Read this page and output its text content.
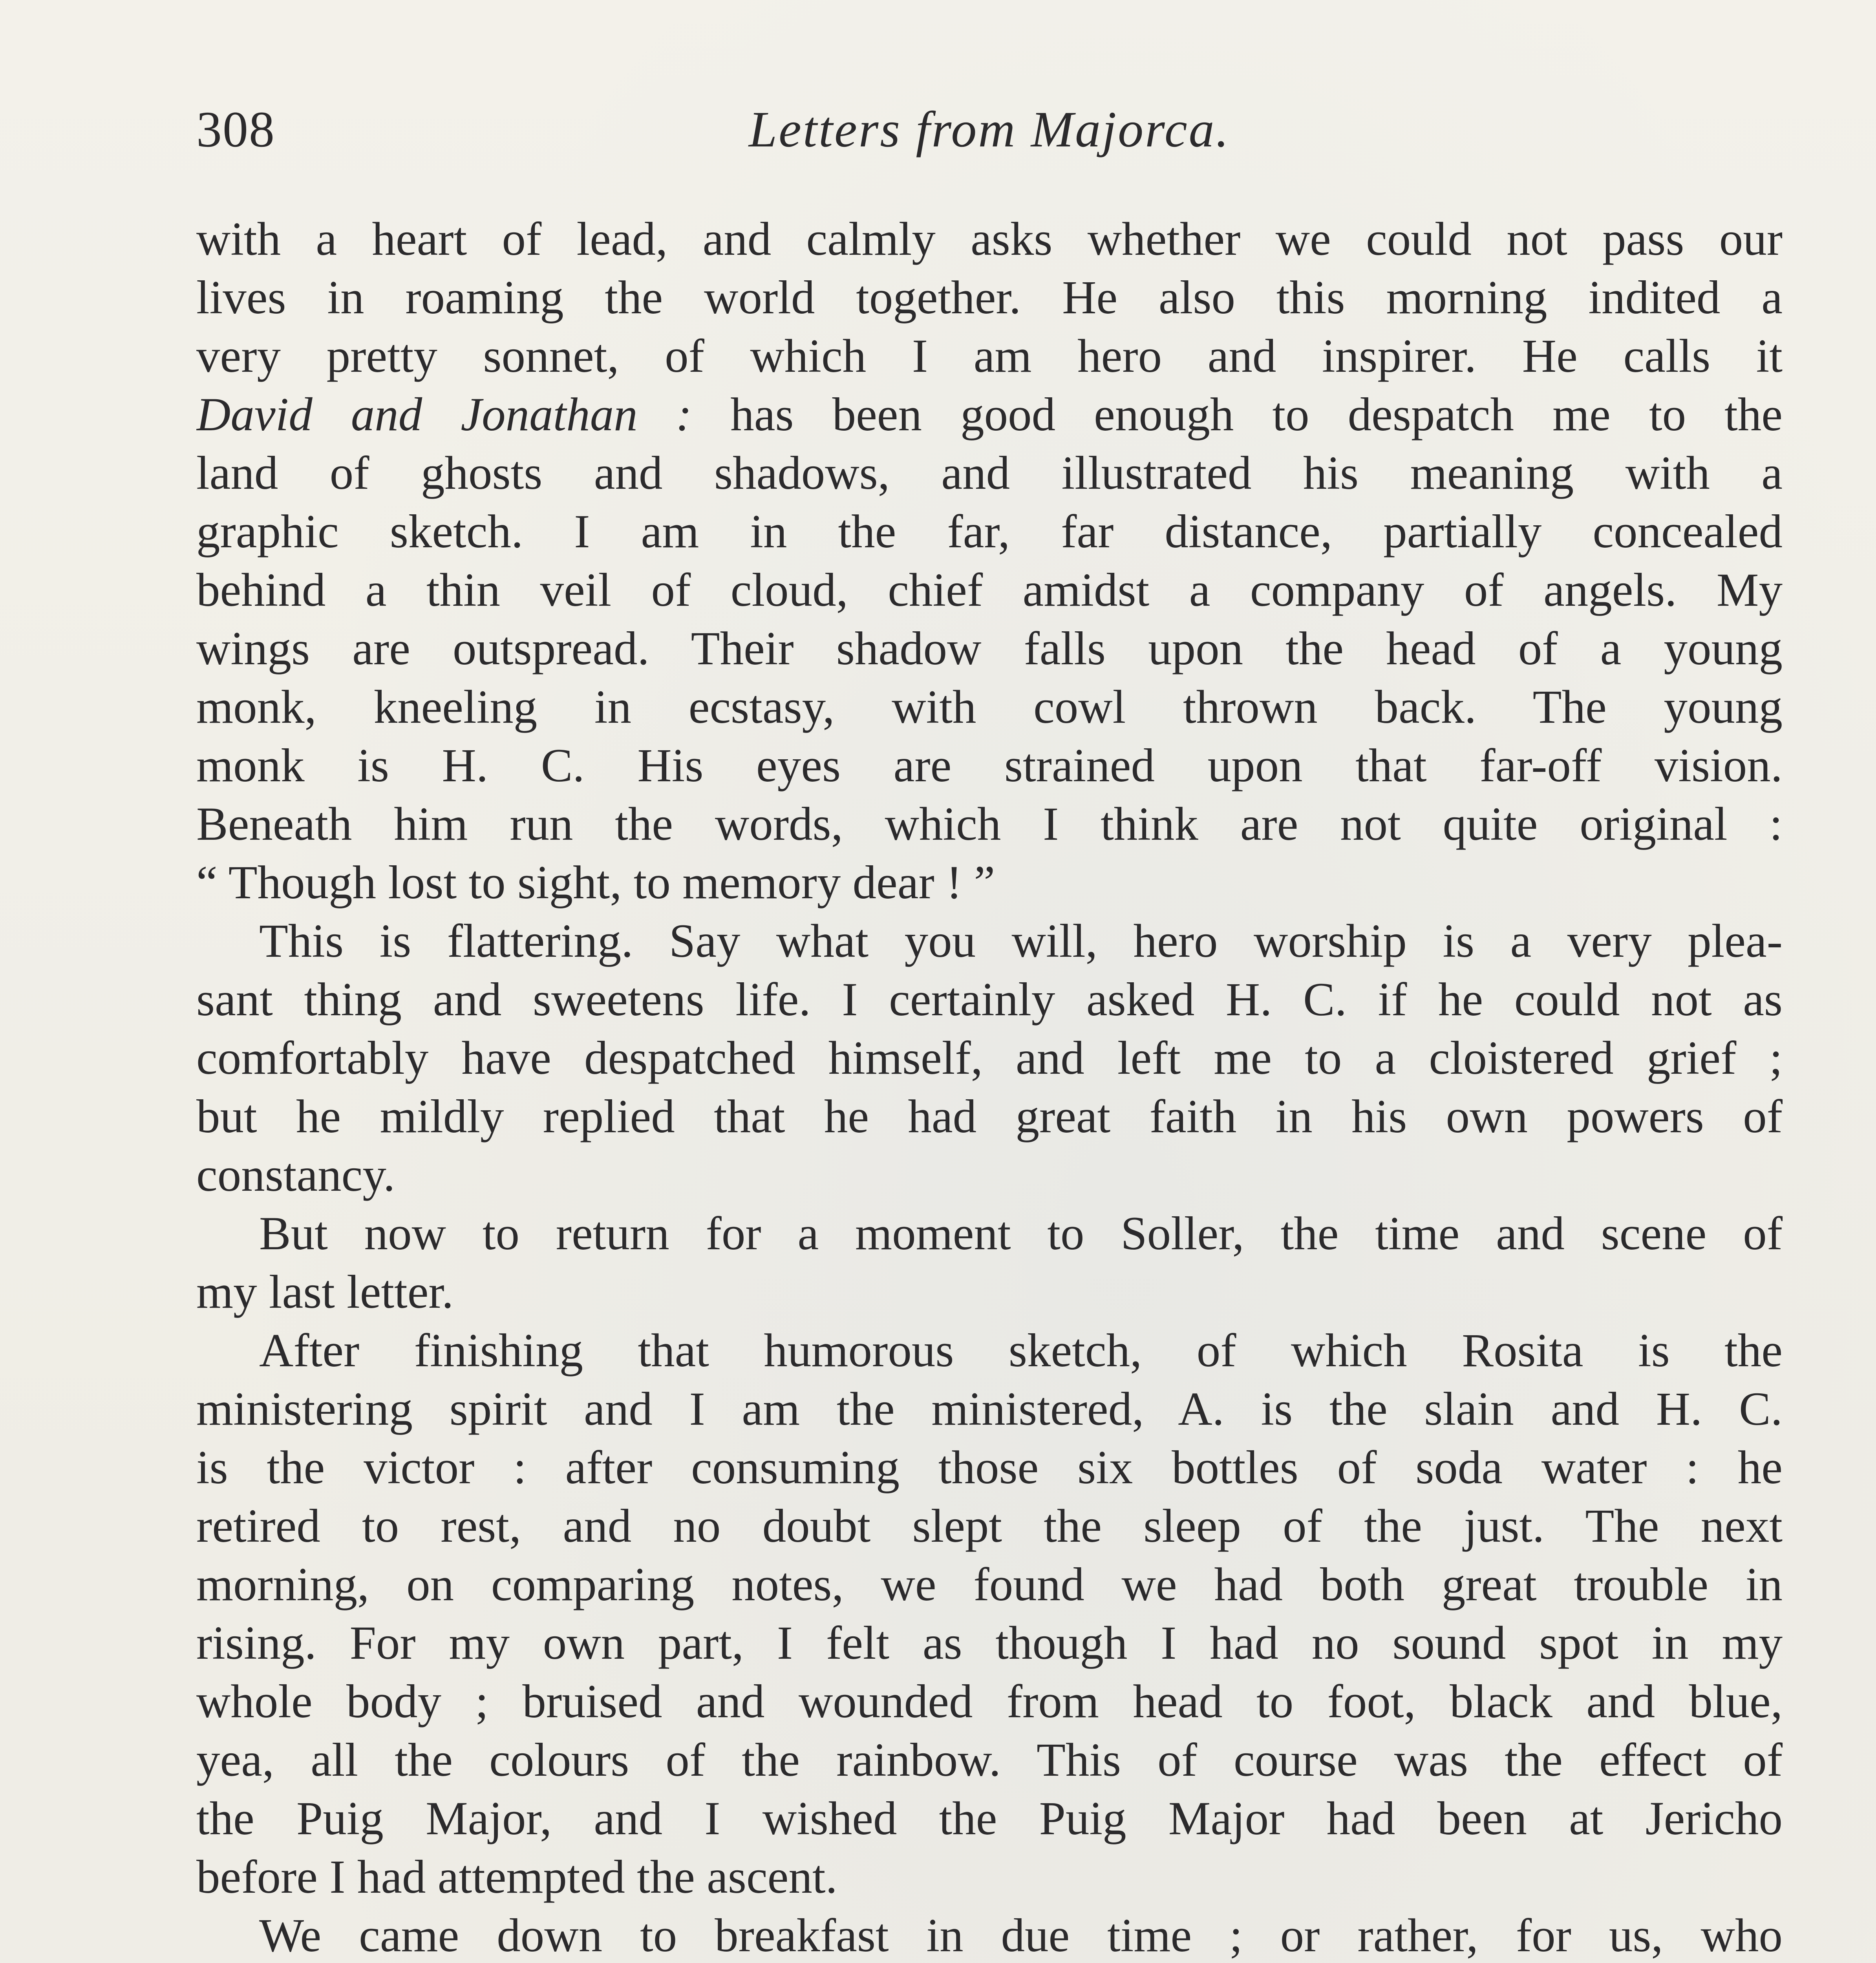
308	Letters from Majorca.
with a heart of lead, and calmly asks whether we could not pass our
lives in roaming the world together. He also this morning indited a
very pretty sonnet, of which I am hero and inspirer. He calls it
David and Jonathan : has been good enough to despatch me to the
land of ghosts and shadows, and illustrated his meaning with a
graphic sketch. I am in the far, far distance, partially concealed
behind a thin veil of cloud, chief amidst a company of angels. My
wings are outspread. Their shadow falls upon the head of a young
monk, kneeling in ecstasy, with cowl thrown back. The young
monk is H. C. His eyes are strained upon that far-off vision.
Beneath him run the words, which I think are not quite original :
“ Though lost to sight, to memory dear ! ”
This is flattering. Say what you will, hero worship is a very plea-
sant thing and sweetens life. I certainly asked H. C. if he could not as
comfortably have despatched himself, and left me to a cloistered grief ;
but he mildly replied that he had great faith in his own powers of
constancy.
But now to return for a moment to Soller, the time and scene of
my last letter.
After finishing that humorous sketch, of which Rosita is the
ministering spirit and I am the ministered, A. is the slain and H. C.
is the victor : after consuming those six bottles of soda water : he
retired to rest, and no doubt slept the sleep of the just. The next
morning, on comparing notes, we found we had both great trouble in
rising. For my own part, I felt as though I had no sound spot in my
whole body ; bruised and wounded from head to foot, black and blue,
yea, all the colours of the rainbow. This of course was the effect of
the Puig Major, and I wished the Puig Major had been at Jericho
before I had attempted the ascent.
We came down to breakfast in due time ; or rather, for us, who
